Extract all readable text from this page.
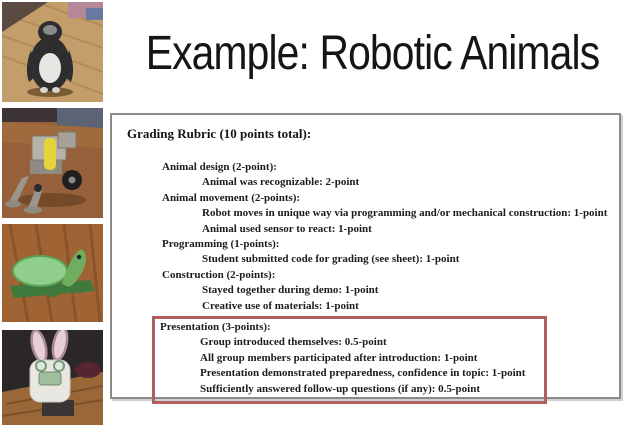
Example: Robotic Animals
Grading Rubric (10 points total):
Animal design (2-point):
Animal was recognizable: 2-point
Animal movement (2-points):
Robot moves in unique way via programming and/or mechanical construction: 1-point
Animal used sensor to react: 1-point
Programming (1-points):
Student submitted code for grading (see sheet): 1-point
Construction (2-points):
Stayed together during demo: 1-point
Creative use of materials: 1-point
Presentation (3-points):
Group introduced themselves: 0.5-point
All group members participated after introduction: 1-point
Presentation demonstrated preparedness, confidence in topic: 1-point
Sufficiently answered follow-up questions (if any): 0.5-point
